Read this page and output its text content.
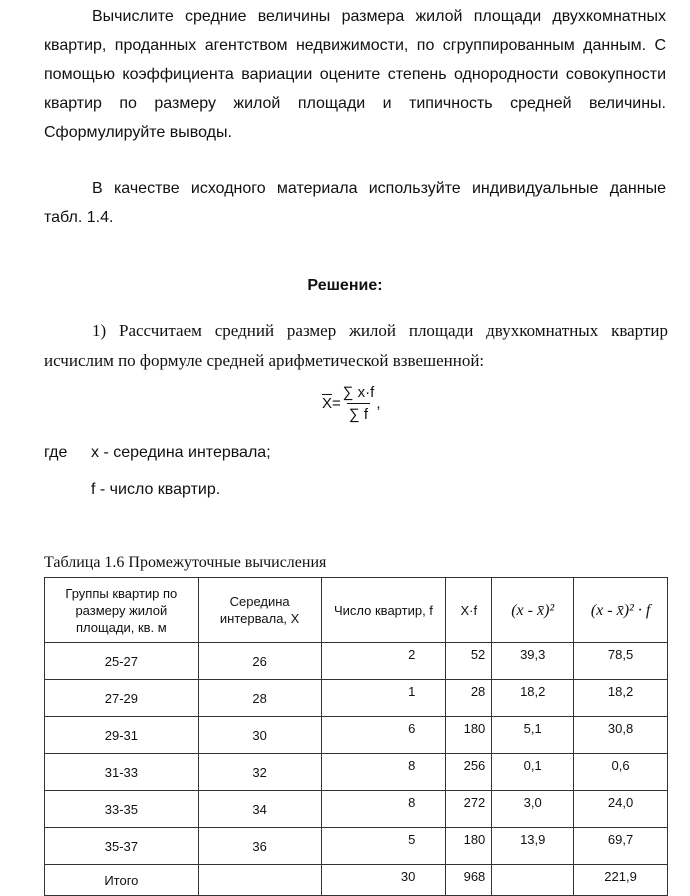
Вычислите средние величины размера жилой площади двухкомнатных квартир, проданных агентством недвижимости, по сгруппированным данным. С помощью коэффициента вариации оцените степень однородности совокупности квартир по размеру жилой площади и типичность средней величины. Сформулируйте выводы.

В качестве исходного материала используйте индивидуальные данные табл. 1.4.

Решение:

1) Рассчитаем средний размер жилой площади двухкомнатных квартир исчислим по формуле средней арифметической взвешенной:

$\overline{X} = \frac{\sum x\cdot f}{\sum f}$ ,
где x - середина интервала;
f - число квартир.
Таблица 1.6 Промежуточные вычисления
Группы квартир по размеру жилой площади, кв. м	Середина интервала, X	Число квартир, f	X·f	(x - x̄)²	(x - x̄)² · f
25-27	26	2	52	39,3	78,5
27-29	28	1	28	18,2	18,2
29-31	30	6	180	5,1	30,8
31-33	32	8	256	0,1	0,6
33-35	34	8	272	3,0	24,0
35-37	36	5	180	13,9	69,7
Итого		30	968		221,9
